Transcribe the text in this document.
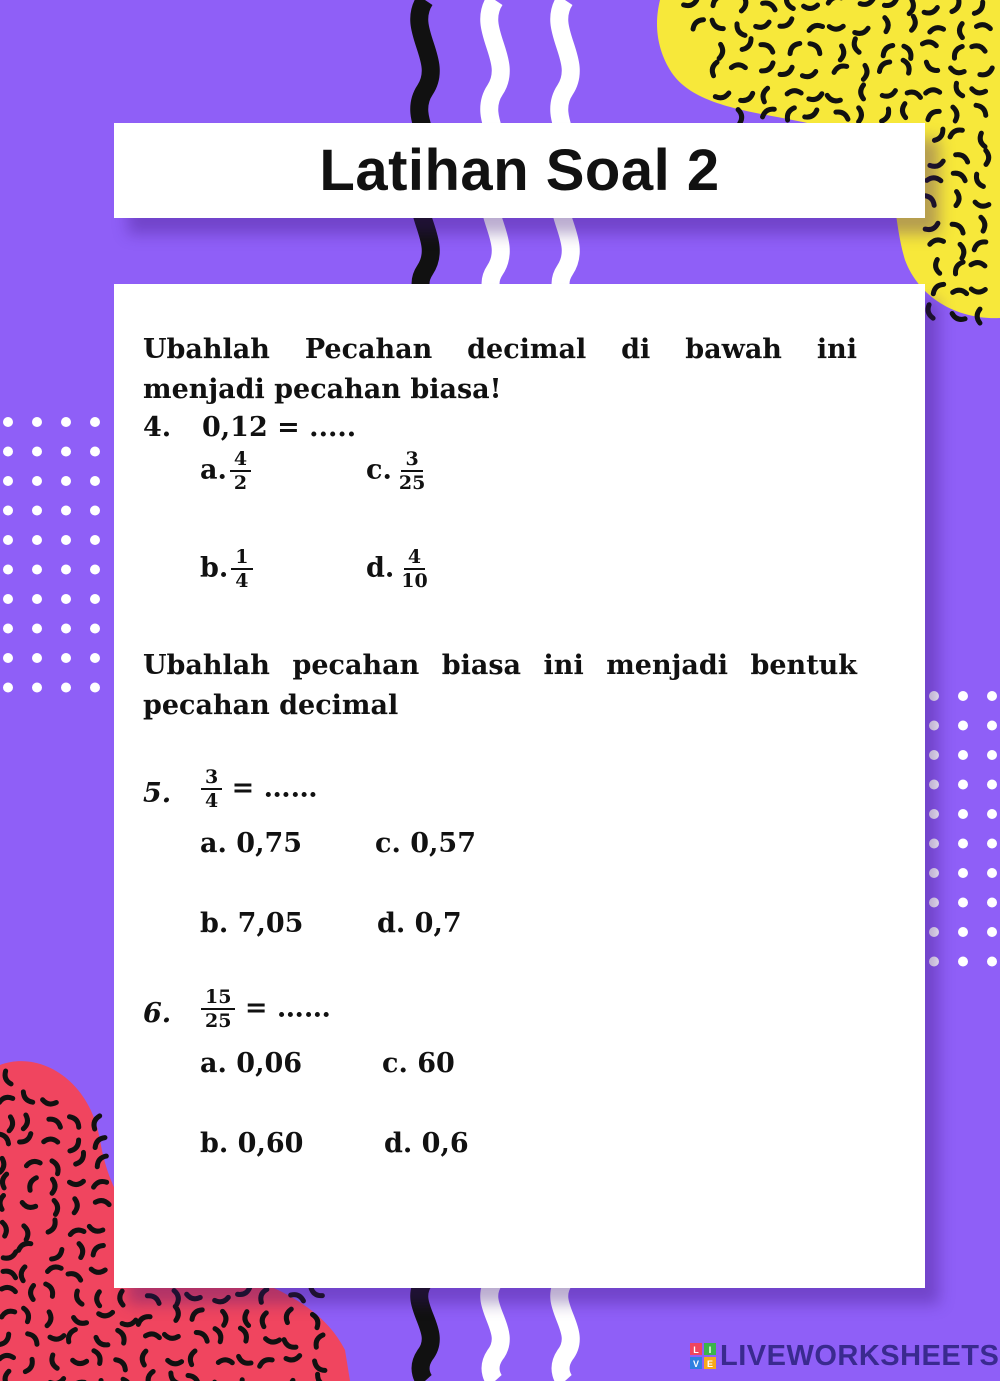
Latihan Soal 2
Ubahlah Pecahan decimal di bawah ini menjadi pecahan biasa!
4. 0,12 = .....
a. $\frac{4}{2}$	c. $\frac{3}{25}$
b. $\frac{1}{4}$	d. $\frac{4}{10}$
Ubahlah pecahan biasa ini menjadi bentuk pecahan decimal
5. $\frac{3}{4}$ = ……
a. 0,75	c. 0,57
b. 7,05	d. 0,7
6. $\frac{15}{25}$ = ……
a. 0,06	c. 60
b. 0,60	d. 0,6
L I
V E LIVEWORKSHEETS
